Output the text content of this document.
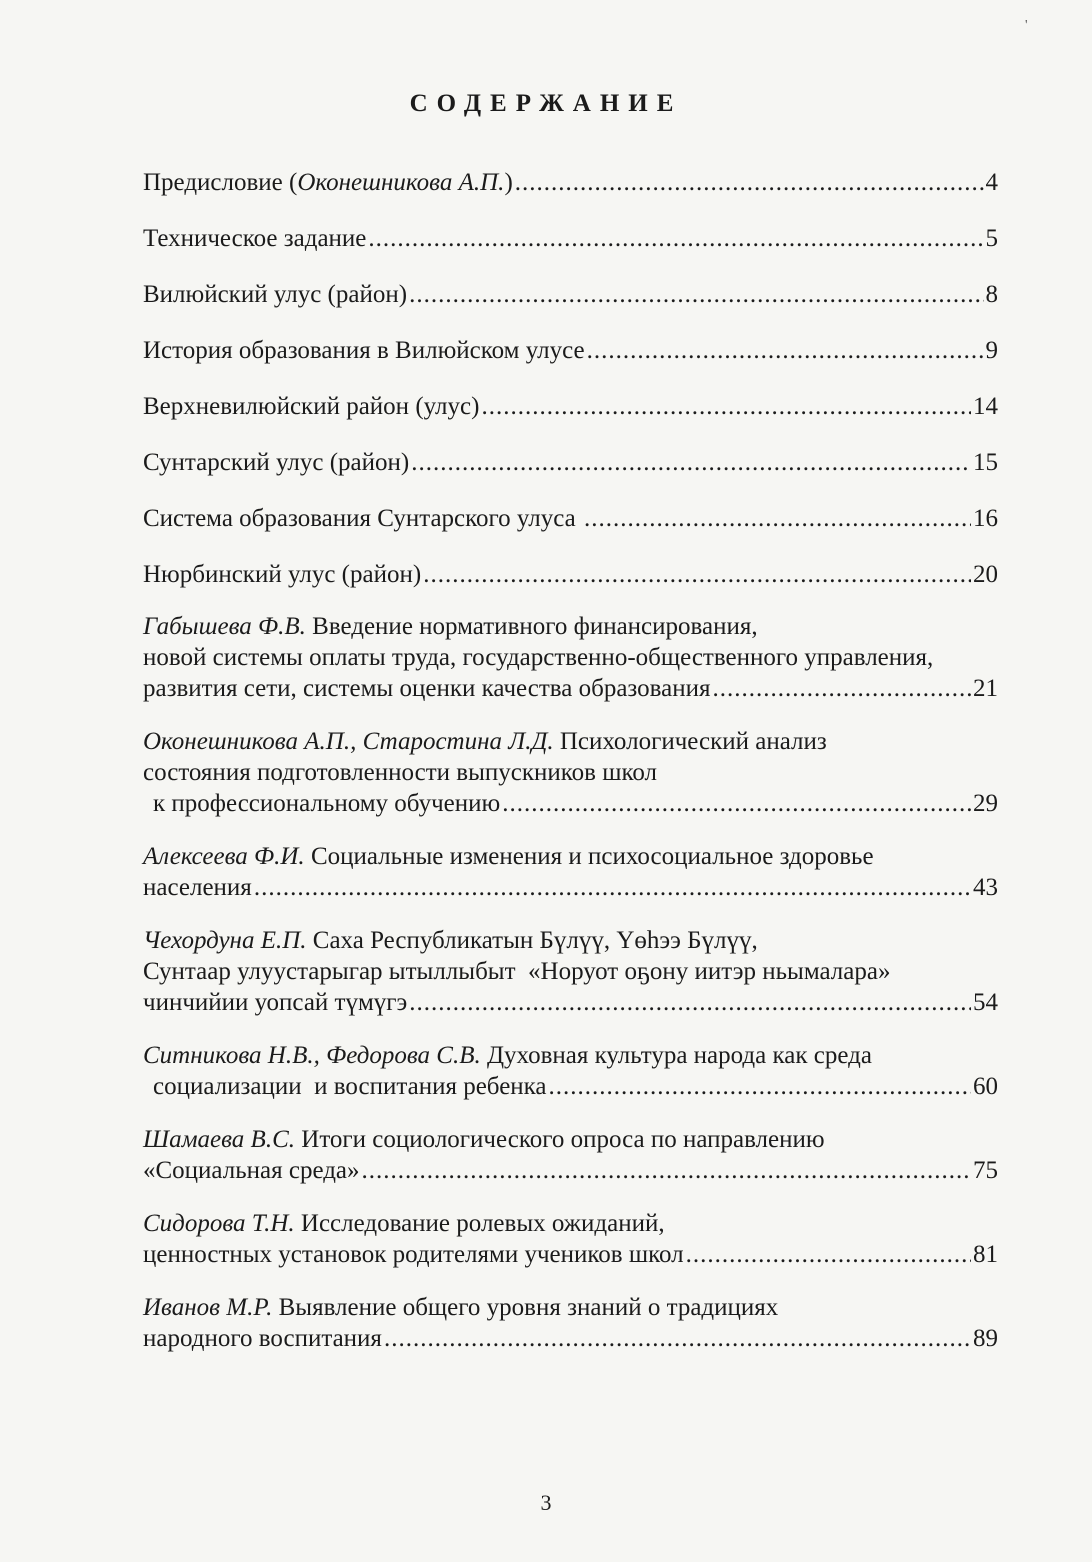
'
СОДЕРЖАНИЕ
Предисловие (Оконешникова А.П.) .....	4
Техническое задание .....	5
Вилюйский улус (район) .....	8
История образования в Вилюйском улусе .....	9
Верхневилюйский район (улус) .....	14
Сунтарский улус (район) .....	15
Система образования Сунтарского улуса .....	16
Нюрбинский улус (район) .....	20
Габышева Ф.В. Введение нормативного финансирования,
новой системы оплаты труда, государственно-общественного управления,
развития сети, системы оценки качества образования .....	21
Оконешникова А.П., Старостина Л.Д. Психологический анализ
состояния подготовленности выпускников школ
к профессиональному обучению .....	29
Алексеева Ф.И. Социальные изменения и психосоциальное здоровье
населения .....	43
Чехордуна Е.П. Саха Республикатын Бүлүү, Үөһээ Бүлүү,
Сунтаар улуустарыгар ытыллыбыт  «Норуот оҕону иитэр ньымалара»
чинчийии уопсай түмүгэ .....	54
Ситникова Н.В., Федорова С.В. Духовная культура народа как среда
социализации  и воспитания ребенка .....	60
Шамаева В.С. Итоги социологического опроса по направлению
«Социальная среда» .....	75
Сидорова Т.Н. Исследование ролевых ожиданий,
ценностных установок родителями учеников школ .....	81
Иванов М.Р. Выявление общего уровня знаний о традициях
народного воспитания .....	89
3
